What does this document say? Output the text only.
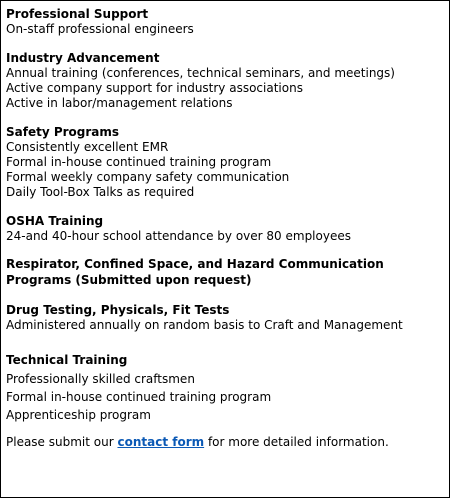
Professional Support
On-staff professional engineers
Industry Advancement
Annual training (conferences, technical seminars, and meetings)
Active company support for industry associations
Active in labor/management relations
Safety Programs
Consistently excellent EMR
Formal in-house continued training program
Formal weekly company safety communication
Daily Tool-Box Talks as required
OSHA Training
24-and 40-hour school attendance by over 80 employees
Respirator, Confined Space, and Hazard Communication
Programs (Submitted upon request)
Drug Testing, Physicals, Fit Tests
Administered annually on random basis to Craft and Management
Technical Training
Professionally skilled craftsmen
Formal in-house continued training program
Apprenticeship program
Please submit our contact form for more detailed information.
